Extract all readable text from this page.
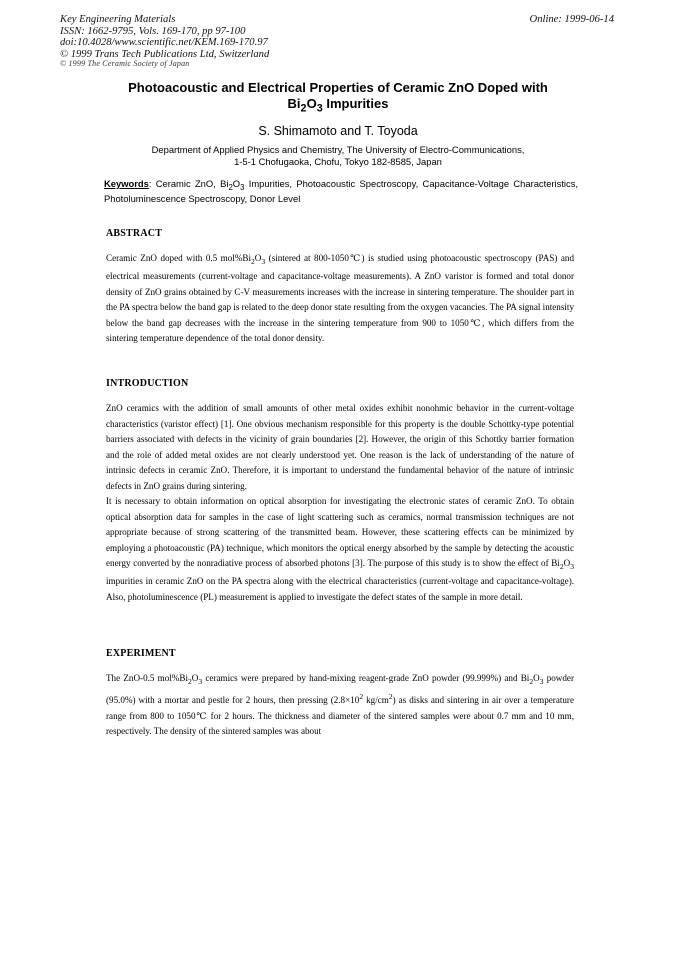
Key Engineering Materials
ISSN: 1662-9795, Vols. 169-170, pp 97-100
doi:10.4028/www.scientific.net/KEM.169-170.97
© 1999 Trans Tech Publications Ltd, Switzerland
© 1999 The Ceramic Society of Japan
Online: 1999-06-14
Photoacoustic and Electrical Properties of Ceramic ZnO Doped with
$Bi_2O_3$ Impurities
S. Shimamoto and T. Toyoda
Department of Applied Physics and Chemistry, The University of Electro-Communications,
1-5-1 Chofugaoka, Chofu, Tokyo 182-8585, Japan
Keywords: Ceramic ZnO, $Bi_2O_3$ Impurities, Photoacoustic Spectroscopy, Capacitance-Voltage Characteristics, Photoluminescence Spectroscopy, Donor Level
ABSTRACT
Ceramic ZnO doped with 0.5 $mol\%Bi_2O_3$ (sintered at 800-1050℃) is studied using photoacoustic spectroscopy (PAS) and electrical measurements (current-voltage and capacitance-voltage measurements). A ZnO varistor is formed and total donor density of ZnO grains obtained by C-V measurements increases with the increase in sintering temperature. The shoulder part in the PA spectra below the band gap is related to the deep donor state resulting from the oxygen vacancies. The PA signal intensity below the band gap decreases with the increase in the sintering temperature from 900 to 1050℃, which differs from the sintering temperature dependence of the total donor density.
INTRODUCTION
ZnO ceramics with the addition of small amounts of other metal oxides exhibit nonohmic behavior in the current-voltage characteristics (varistor effect) [1]. One obvious mechanism responsible for this property is the double Schottky-type potential barriers associated with defects in the vicinity of grain boundaries [2]. However, the origin of this Schottky barrier formation and the role of added metal oxides are not clearly understood yet. One reason is the lack of understanding of the nature of intrinsic defects in ceramic ZnO. Therefore, it is important to understand the fundamental behavior of the nature of intrinsic defects in ZnO grains during sintering.
It is necessary to obtain information on optical absorption for investigating the electronic states of ceramic ZnO. To obtain optical absorption data for samples in the case of light scattering such as ceramics, normal transmission techniques are not appropriate because of strong scattering of the transmitted beam. However, these scattering effects can be minimized by employing a photoacoustic (PA) technique, which monitors the optical energy absorbed by the sample by detecting the acoustic energy converted by the nonradiative process of absorbed photons [3]. The purpose of this study is to show the effect of $Bi_2O_3$ impurities in ceramic ZnO on the PA spectra along with the electrical characteristics (current-voltage and capacitance-voltage). Also, photoluminescence (PL) measurement is applied to investigate the defect states of the sample in more detail.
EXPERIMENT
The ZnO-0.5 $mol\%Bi_2O_3$ ceramics were prepared by hand-mixing reagent-grade ZnO powder (99.999%) and $Bi_2O_3$ powder (95.0%) with a mortar and pestle for 2 hours, then pressing ($2.8\times 10^2$ $kg/cm^2$) as disks and sintering in air over a temperature range from 800 to 1050℃ for 2 hours. The thickness and diameter of the sintered samples were about 0.7 mm and 10 mm, respectively. The density of the sintered samples was about
